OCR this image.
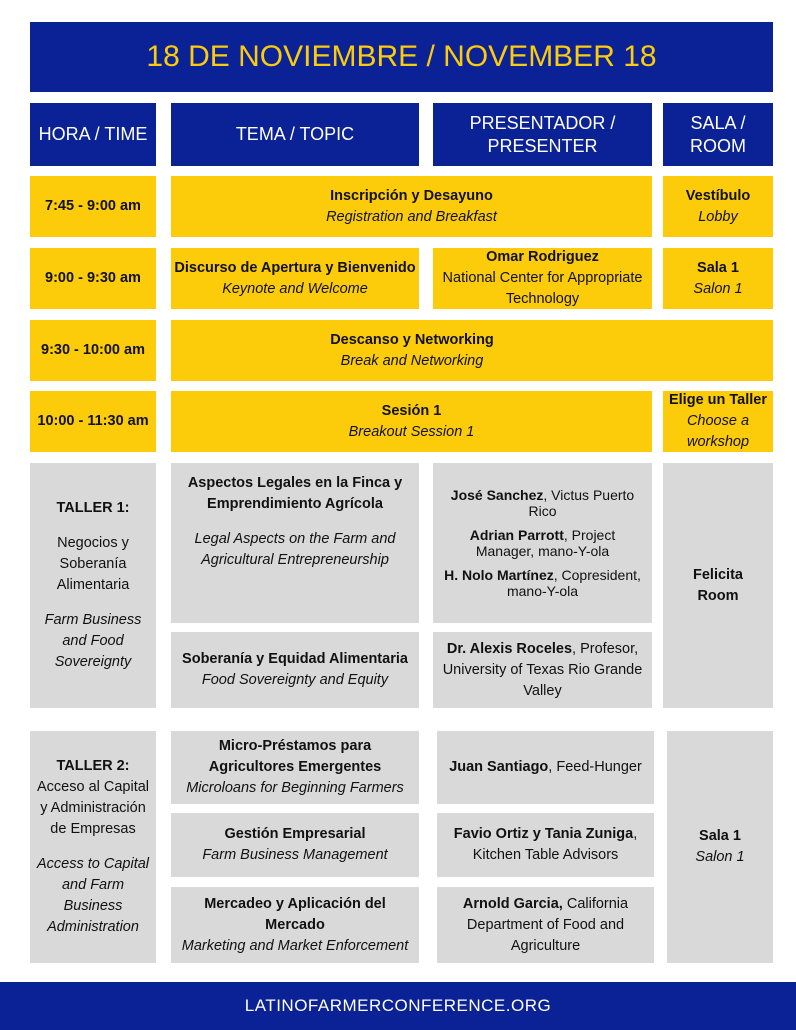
18 DE NOVIEMBRE / NOVEMBER 18
HORA / TIME	TEMA / TOPIC
PRESENTADOR / PRESENTER
SALA / ROOM
7:45 - 9:00 am
Inscripción y Desayuno
Registration and Breakfast
Vestíbulo
Lobby
9:00 - 9:30 am
Discurso de Apertura y Bienvenido
Keynote and Welcome
Omar Rodriguez
National Center for Appropriate Technology
Sala 1
Salon 1
9:30 - 10:00 am
Descanso y Networking
Break and Networking
10:00 - 11:30 am
Sesión 1
Breakout Session 1
Elige un Taller
Choose a workshop
TALLER 1:
Negocios y Soberanía Alimentaria
Farm Business and Food Sovereignty
Aspectos Legales en la Finca y Emprendimiento Agrícola
Legal Aspects on the Farm and Agricultural Entrepreneurship
José Sanchez, Victus Puerto Rico
Adrian Parrott, Project Manager, mano-Y-ola
H. Nolo Martínez, Copresident, mano-Y-ola
Soberanía y Equidad Alimentaria
Food Sovereignty and Equity
Dr. Alexis Roceles, Profesor, University of Texas Rio Grande Valley
Felicita Room
TALLER 2:
Acceso al Capital y Administración de Empresas
Access to Capital and Farm Business Administration
Micro-Préstamos para Agricultores Emergentes
Microloans for Beginning Farmers
Juan Santiago, Feed-Hunger
Gestión Empresarial
Farm Business Management
Favio Ortiz y Tania Zuniga, Kitchen Table Advisors
Mercadeo y Aplicación del Mercado
Marketing and Market Enforcement
Arnold Garcia, California Department of Food and Agriculture
Sala 1
Salon 1
LATINOFARMERCONFERENCE.ORG
